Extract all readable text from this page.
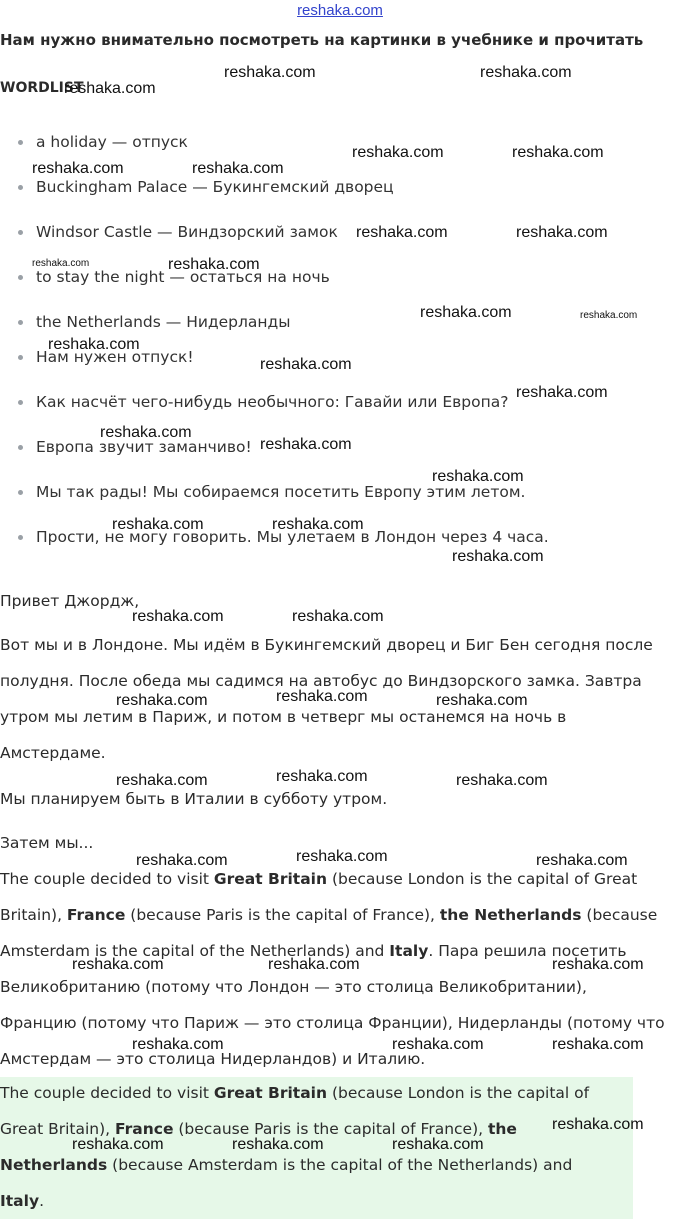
reshaka.com
Нам нужно внимательно посмотреть на картинки в учебнике и прочитать
WORDLIST
a holiday — отпуск
Buckingham Palace — Букингемский дворец
Windsor Castle — Виндзорский замок
to stay the night — остаться на ночь
the Netherlands — Нидерланды
Нам нужен отпуск!
Как насчёт чего-нибудь необычного: Гавайи или Европа?
Европа звучит заманчиво!
Мы так рады! Мы собираемся посетить Европу этим летом.
Прости, не могу говорить. Мы улетаем в Лондон через 4 часа.
Привет Джордж,
Вот мы и в Лондоне. Мы идём в Букингемский дворец и Биг Бен сегодня после
полудня. После обеда мы садимся на автобус до Виндзорского замка. Завтра
утром мы летим в Париж, и потом в четверг мы останемся на ночь в
Амстердаме.
Мы планируем быть в Италии в субботу утром.
Затем мы...
The couple decided to visit Great Britain (because London is the capital of Great
Britain), France (because Paris is the capital of France), the Netherlands (because
Amsterdam is the capital of the Netherlands) and Italy. Пара решила посетить
Великобританию (потому что Лондон — это столица Великобритании),
Францию (потому что Париж — это столица Франции), Нидерланды (потому что
Амстердам — это столица Нидерландов) и Италию.
The couple decided to visit Great Britain (because London is the capital of
Great Britain), France (because Paris is the capital of France), the
Netherlands (because Amsterdam is the capital of the Netherlands) and
Italy.
reshaka.com	reshaka.com
reshaka.com
reshaka.com	reshaka.com
reshaka.com	reshaka.com
reshaka.com	reshaka.com
reshaka.com	reshaka.com
reshaka.com	reshaka.com
reshaka.com
reshaka.com
reshaka.com
reshaka.com
reshaka.com
reshaka.com
reshaka.com	reshaka.com
reshaka.com
reshaka.com	reshaka.com
reshaka.com	reshaka.com	reshaka.com
reshaka.com	reshaka.com	reshaka.com
reshaka.com	reshaka.com	reshaka.com
reshaka.com	reshaka.com	reshaka.com
reshaka.com	reshaka.com	reshaka.com
reshaka.com
reshaka.com	reshaka.com	reshaka.com
